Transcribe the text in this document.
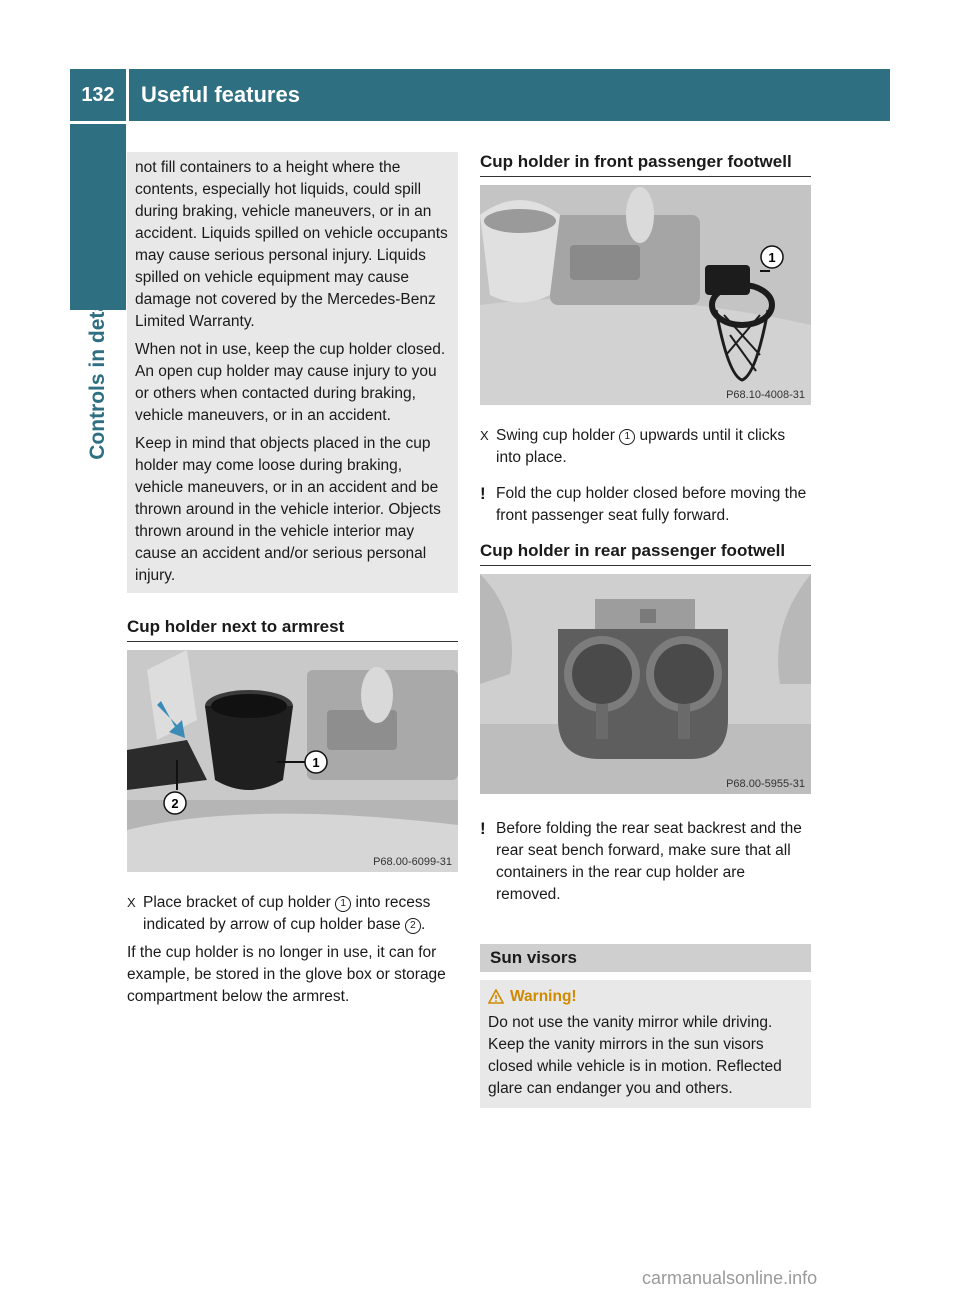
132	Useful features
Controls in detail

not fill containers to a height where the contents, especially hot liquids, could spill during braking, vehicle maneuvers, or in an accident. Liquids spilled on vehicle occupants may cause serious personal injury. Liquids spilled on vehicle equipment may cause damage not covered by the Mercedes-Benz Limited Warranty.

When not in use, keep the cup holder closed. An open cup holder may cause injury to you or others when contacted during braking, vehicle maneuvers, or in an accident.

Keep in mind that objects placed in the cup holder may come loose during braking, vehicle maneuvers, or in an accident and be thrown around in the vehicle interior. Objects thrown around in the vehicle interior may cause an accident and/or serious personal injury.

Cup holder next to armrest
1
2
P68.00-6099-31

X Place bracket of cup holder 1 into recess indicated by arrow of cup holder base 2 .

If the cup holder is no longer in use, it can for example, be stored in the glove box or storage compartment below the armrest.

Cup holder in front passenger footwell
1
P68.10-4008-31

X Swing cup holder 1 upwards until it clicks into place.

! Fold the cup holder closed before moving the front passenger seat fully forward.

Cup holder in rear passenger footwell
P68.00-5955-31

! Before folding the rear seat backrest and the rear seat bench forward, make sure that all containers in the rear cup holder are removed.

Sun visors
Warning!
Do not use the vanity mirror while driving. Keep the vanity mirrors in the sun visors closed while vehicle is in motion. Reflected glare can endanger you and others.
carmanualsonline.info
